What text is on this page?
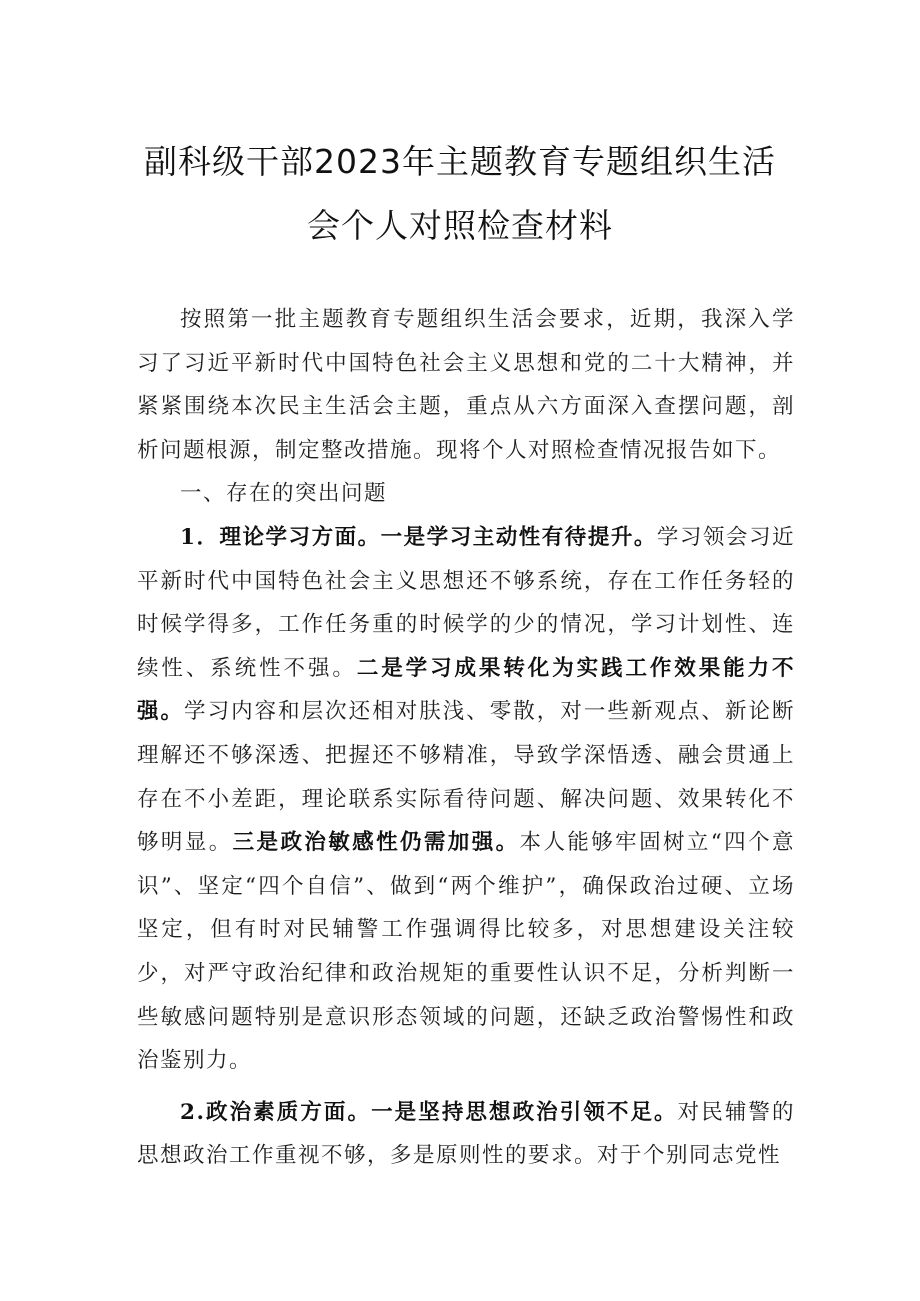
副科级干部2023年主题教育专题组织生活
会个人对照检查材料

按照第一批主题教育专题组织生活会要求，近期，我深入学习了习近平新时代中国特色社会主义思想和党的二十大精神，并紧紧围绕本次民主生活会主题，重点从六方面深入查摆问题，剖析问题根源，制定整改措施。现将个人对照检查情况报告如下。

一、存在的突出问题

1．理论学习方面。一是学习主动性有待提升。学习领会习近平新时代中国特色社会主义思想还不够系统，存在工作任务轻的时候学得多，工作任务重的时候学的少的情况，学习计划性、连续性、系统性不强。二是学习成果转化为实践工作效果能力不强。学习内容和层次还相对肤浅、零散，对一些新观点、新论断理解还不够深透、把握还不够精准，导致学深悟透、融会贯通上存在不小差距，理论联系实际看待问题、解决问题、效果转化不够明显。三是政治敏感性仍需加强。本人能够牢固树立“四个意识”、坚定“四个自信”、做到“两个维护”，确保政治过硬、立场坚定，但有时对民辅警工作强调得比较多，对思想建设关注较少，对严守政治纪律和政治规矩的重要性认识不足，分析判断一些敏感问题特别是意识形态领域的问题，还缺乏政治警惕性和政治鉴别力。

2.政治素质方面。一是坚持思想政治引领不足。对民辅警的思想政治工作重视不够，多是原则性的要求。对于个别同志党性
